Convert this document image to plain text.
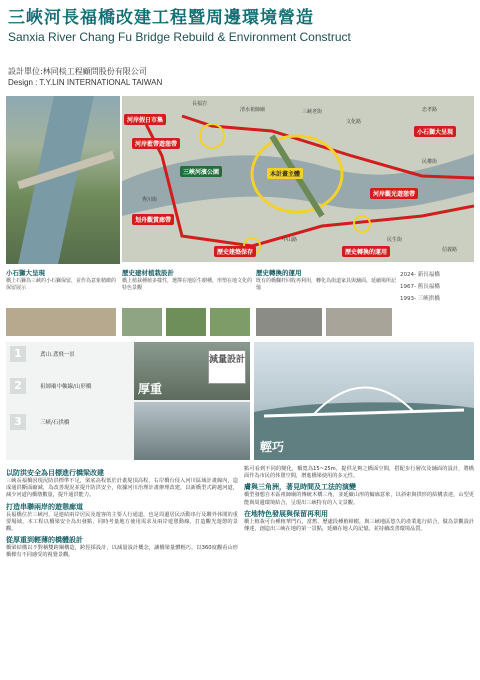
三峽河長福橋改建工程暨周邊環境營造
Sanxia River Chang Fu Bridge Rebuild & Environment Construct
設計單位:林同棪工程顧問股份有限公司
Design : T.Y.LIN INTERNATIONAL TAIWAN
河岸假日市集
河岸藍帶遊憩帶
本計畫主體
小石獅大呈現
河岸觀光遊憩帶
划舟觀賞廊帶
三峽河濱公園
歷史建築保存	歷史轉換的運用
長福岩
清水祖師廟	三峽老街
文化路
忠孝路
民權街
秀川街
中山路	民生街
信義路
小石獅大呈現
橋上石獅為三峽的小石獅保留，並作為意象精緻的保留展示
歷史建材植栽設計
橋上植栽種植多樣性，選擇在地原生樹種，形塑在地文化的特色景觀
歷史轉換的運用
既有的橋欄杆回收再利用，轉化為街道家具與舖面，延續場所記憶
2024- 新長福橋
1967- 舊長福橋
1993- 三峽拱橋
1	鳶山.鳶飛一景
2	祖師廟中軸線/山形橋
3	三峽/石拱橋
厚重
減量設計
輕巧
以防洪安全為目標進行橋梁改建
三峽長福橋因現況防洪標準不足，梁底高程低於計畫堤頂高程，右岸橋台侵入河川區域計畫線內，造成通洪斷面縮減，為改善現況並提升防洪安全，依據河川治理計畫辦理改建，以新橋型式跨越河道，減少河道內橋墩數量，提升通洪能力。
打造串聯兩岸的遊憩廊道
長福橋位於三峽河，是連結兩岸居民及遊客的主要人行通道，也是周邊居民活動串行及聯外休閒的重要場域，本工程以橋梁安全為出發點，同時考量地方使用需求及兩岸遊憩動線，打造觀光遊憩的景觀。
從厚重到輕薄的橋體設計
橋梁結構以不對稱雙跨鋼構造，跨徑採設計，以減量設計概念，讓橋梁量體輕巧，以360度觀看山形橋樑有不同感受的視覺景觀。
點可看到不同的變化，橋寬為15~25m，提供足夠之橋面空間，搭配步行層次及舖面的設計，將橋面作為市民的休憩空間，增進橋梁使用的多元性。
膚與三角洲，著見時間及工法的演變
橋型發想自本區祖師廟的傳統木構三角，並延續山形的輪廓意象，以斜索與拱形的結構表達，山型更能與周邊環境結合，呈現出三峽特有的人文景觀。
在地特色發展與保留再利用
橋上植栽可台種植華門石，當舊、歷處段種植樟樹，與三峽地區悠久的產業進行結合，做為景觀設計傳達，創造出三峽在地的第一景點，延續在地人的記憶，並持續改善環境品質。
